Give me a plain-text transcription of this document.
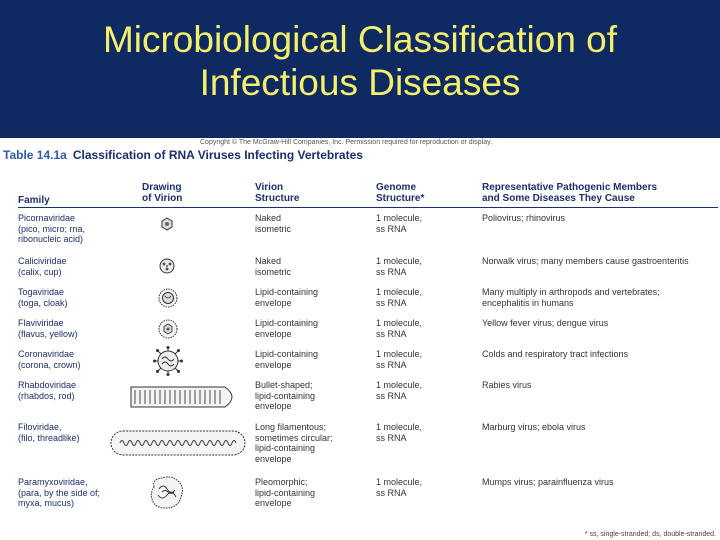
Microbiological Classification of
Infectious Diseases
Copyright © The McGraw-Hill Companies, Inc. Permission required for reproduction or display.
Table 14.1a Classification of RNA Viruses Infecting Vertebrates
Family
Drawing
of Virion
Virion
Structure
Genome
Structure*
Representative Pathogenic Members
and Some Diseases They Cause
Picornaviridae
(pico, micro; rna,
ribonucleic acid)
Naked
isometric
1 molecule,
ss RNA
Poliovirus; rhinovirus
Caliciviridae
(calix, cup)
Naked
isometric
1 molecule,
ss RNA
Norwalk virus; many members cause gastroenteritis
Togaviridae
(toga, cloak)
Lipid-containing
envelope
1 molecule,
ss RNA
Many multiply in arthropods and vertebrates;
encephalitis in humans
Flaviviridae
(flavus, yellow)
Lipid-containing
envelope
1 molecule,
ss RNA
Yellow fever virus; dengue virus
Coronaviridae
(corona, crown)
Lipid-containing
envelope
1 molecule,
ss RNA
Colds and respiratory tract infections
Rhabdoviridae
(rhabdos, rod)
Bullet-shaped;
lipid-containing
envelope
1 molecule,
ss RNA
Rabies virus
Filoviridae,
(filo, threadlike)
Long filamentous;
sometimes circular;
lipid-containing
envelope
1 molecule,
ss RNA
Marburg virus; ebola virus
Paramyxoviridae,
(para, by the side of;
myxa, mucus)
Pleomorphic;
lipid-containing
envelope
1 molecule,
ss RNA
Mumps virus; parainfluenza virus
* ss, single-stranded; ds, double-stranded.
